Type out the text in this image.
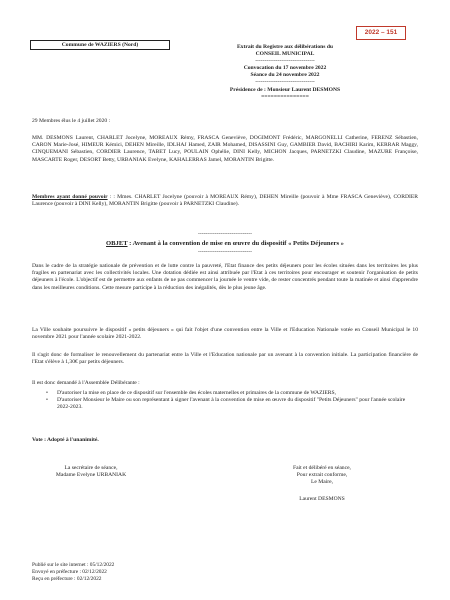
2022 – 151
Commune de WAZIERS (Nord)	Extrait du Registre aux délibérations du
CONSEIL MUNICIPAL
--------------------------------
Convocation du 17 novembre 2022
Séance du 24 novembre 2022
--------------------------------
Présidence de : Monsieur Laurent DESMONS
===============
29 Membres élus le 4 juillet 2020 :
MM. DESMONS Laurent, CHARLET Jocelyne, MOREAUX Rémy, FRASCA Geneviève, DOGIMONT Frédéric, MARGONELLI Catherine, FERENZ Sébastien, CARON Marie-José, HIMEUR Kémici, DEHEN Mireille, IDLHAJ Hamed, ZAIR Mohamed, DISASSINI Guy, GAMBIER David, BACHIRI Karim, KERRAR Maggy, CINQUEMANI Sébastien, CORDIER Laurence, TABET Lucy, POULAIN Ophélie, DINI Kelly, MICHON Jacques, PARNETZKI Claudine, MAZURE Françoise, MASCARTE Roger, DESORT Betty, URBANIAK Evelyne, KAHALERRAS Jamel, MORANTIN Brigitte.
Membres ayant donné pouvoir : : Mmes. CHARLET Jocelyne (pouvoir à MOREAUX Rémy), DEHEN Mireille (pouvoir à Mme FRASCA Geneviève), CORDIER Laurence (pouvoir à DINI Kelly), MORANTIN Brigitte (pouvoir à PARNETZKI Claudine).
-----------------------------
OBJET : Avenant à la convention de mise en œuvre du dispositif « Petits Déjeuners »
-----------------------------
Dans le cadre de la stratégie nationale de prévention et de lutte contre la pauvreté, l'Etat finance des petits déjeuners pour les écoles situées dans les territoires les plus fragiles en partenariat avec les collectivités locales. Une dotation dédiée est ainsi attribuée par l'Etat à ces territoires pour encourager et soutenir l'organisation de petits déjeuners à l'école. L'objectif est de permettre aux enfants de ne pas commencer la journée le ventre vide, de rester concentrés pendant toute la matinée et ainsi d'apprendre dans les meilleures conditions. Cette mesure participe à la réduction des inégalités, dès le plus jeune âge.
La Ville souhaite poursuivre le dispositif « petits déjeuners » qui fait l'objet d'une convention entre la Ville et l'Education Nationale votée en Conseil Municipal le 10 novembre 2021 pour l'année scolaire 2021-2022.
Il s'agit donc de formaliser le renouvellement du partenariat entre la Ville et l'Education nationale par un avenant à la convention initiale. La participation financière de l'Etat s'élève à 1,30€ par petits déjeuners.
Il est donc demandé à l'Assemblée Délibérante :
• D'autoriser la mise en place de ce dispositif sur l'ensemble des écoles maternelles et primaires de la commune de WAZIERS,
• D'autoriser Monsieur le Maire ou son représentant à signer l'avenant à la convention de mise en œuvre du dispositif "Petits Déjeuners" pour l'année scolaire 2022-2023.
Vote : Adopté à l'unanimité.
La secrétaire de séance,
Madame Evelyne URBANIAK
Fait et délibéré en séance,
Pour extrait conforme,
Le Maire,
Laurent DESMONS
Publié sur le site internet : 05/12/2022
Envoyé en préfecture : 02/12/2022
Reçu en préfecture : 02/12/2022
